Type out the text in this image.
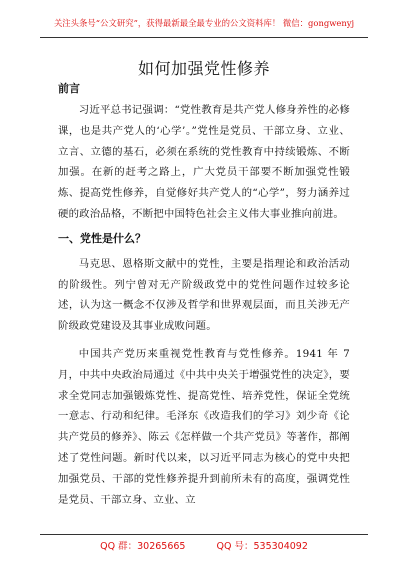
关注头条号“公文研究”，获得最新最全最专业的公文资料库！ 微信：gongwenyj
如何加强党性修养
前言

习近平总书记强调：“党性教育是共产党人修身养性的必修课，也是共产党人的‘心学’。”党性是党员、干部立身、立业、立言、立德的基石，必须在系统的党性教育中持续锻炼、不断加强。在新的赶考之路上，广大党员干部要不断加强党性锻炼、提高党性修养，自觉修好共产党人的“心学”，努力涵养过硬的政治品格，不断把中国特色社会主义伟大事业推向前进。

一、党性是什么？

马克思、恩格斯文献中的党性，主要是指理论和政治活动的阶级性。列宁曾对无产阶级政党中的党性问题作过较多论述，认为这一概念不仅涉及哲学和世界观层面，而且关涉无产阶级政党建设及其事业成败问题。

中国共产党历来重视党性教育与党性修养。1941 年 7 月，中共中央政治局通过《中共中央关于增强党性的决定》，要求全党同志加强锻炼党性、提高党性、培养党性，保证全党统一意志、行动和纪律。毛泽东《改造我们的学习》刘少奇《论共产党员的修养》、陈云《怎样做一个共产党员》等著作，都阐述了党性问题。新时代以来，以习近平同志为核心的党中央把加强党员、干部的党性修养提升到前所未有的高度，强调党性是党员、干部立身、立业、立

QQ 群：30265665	QQ 号：535304092
